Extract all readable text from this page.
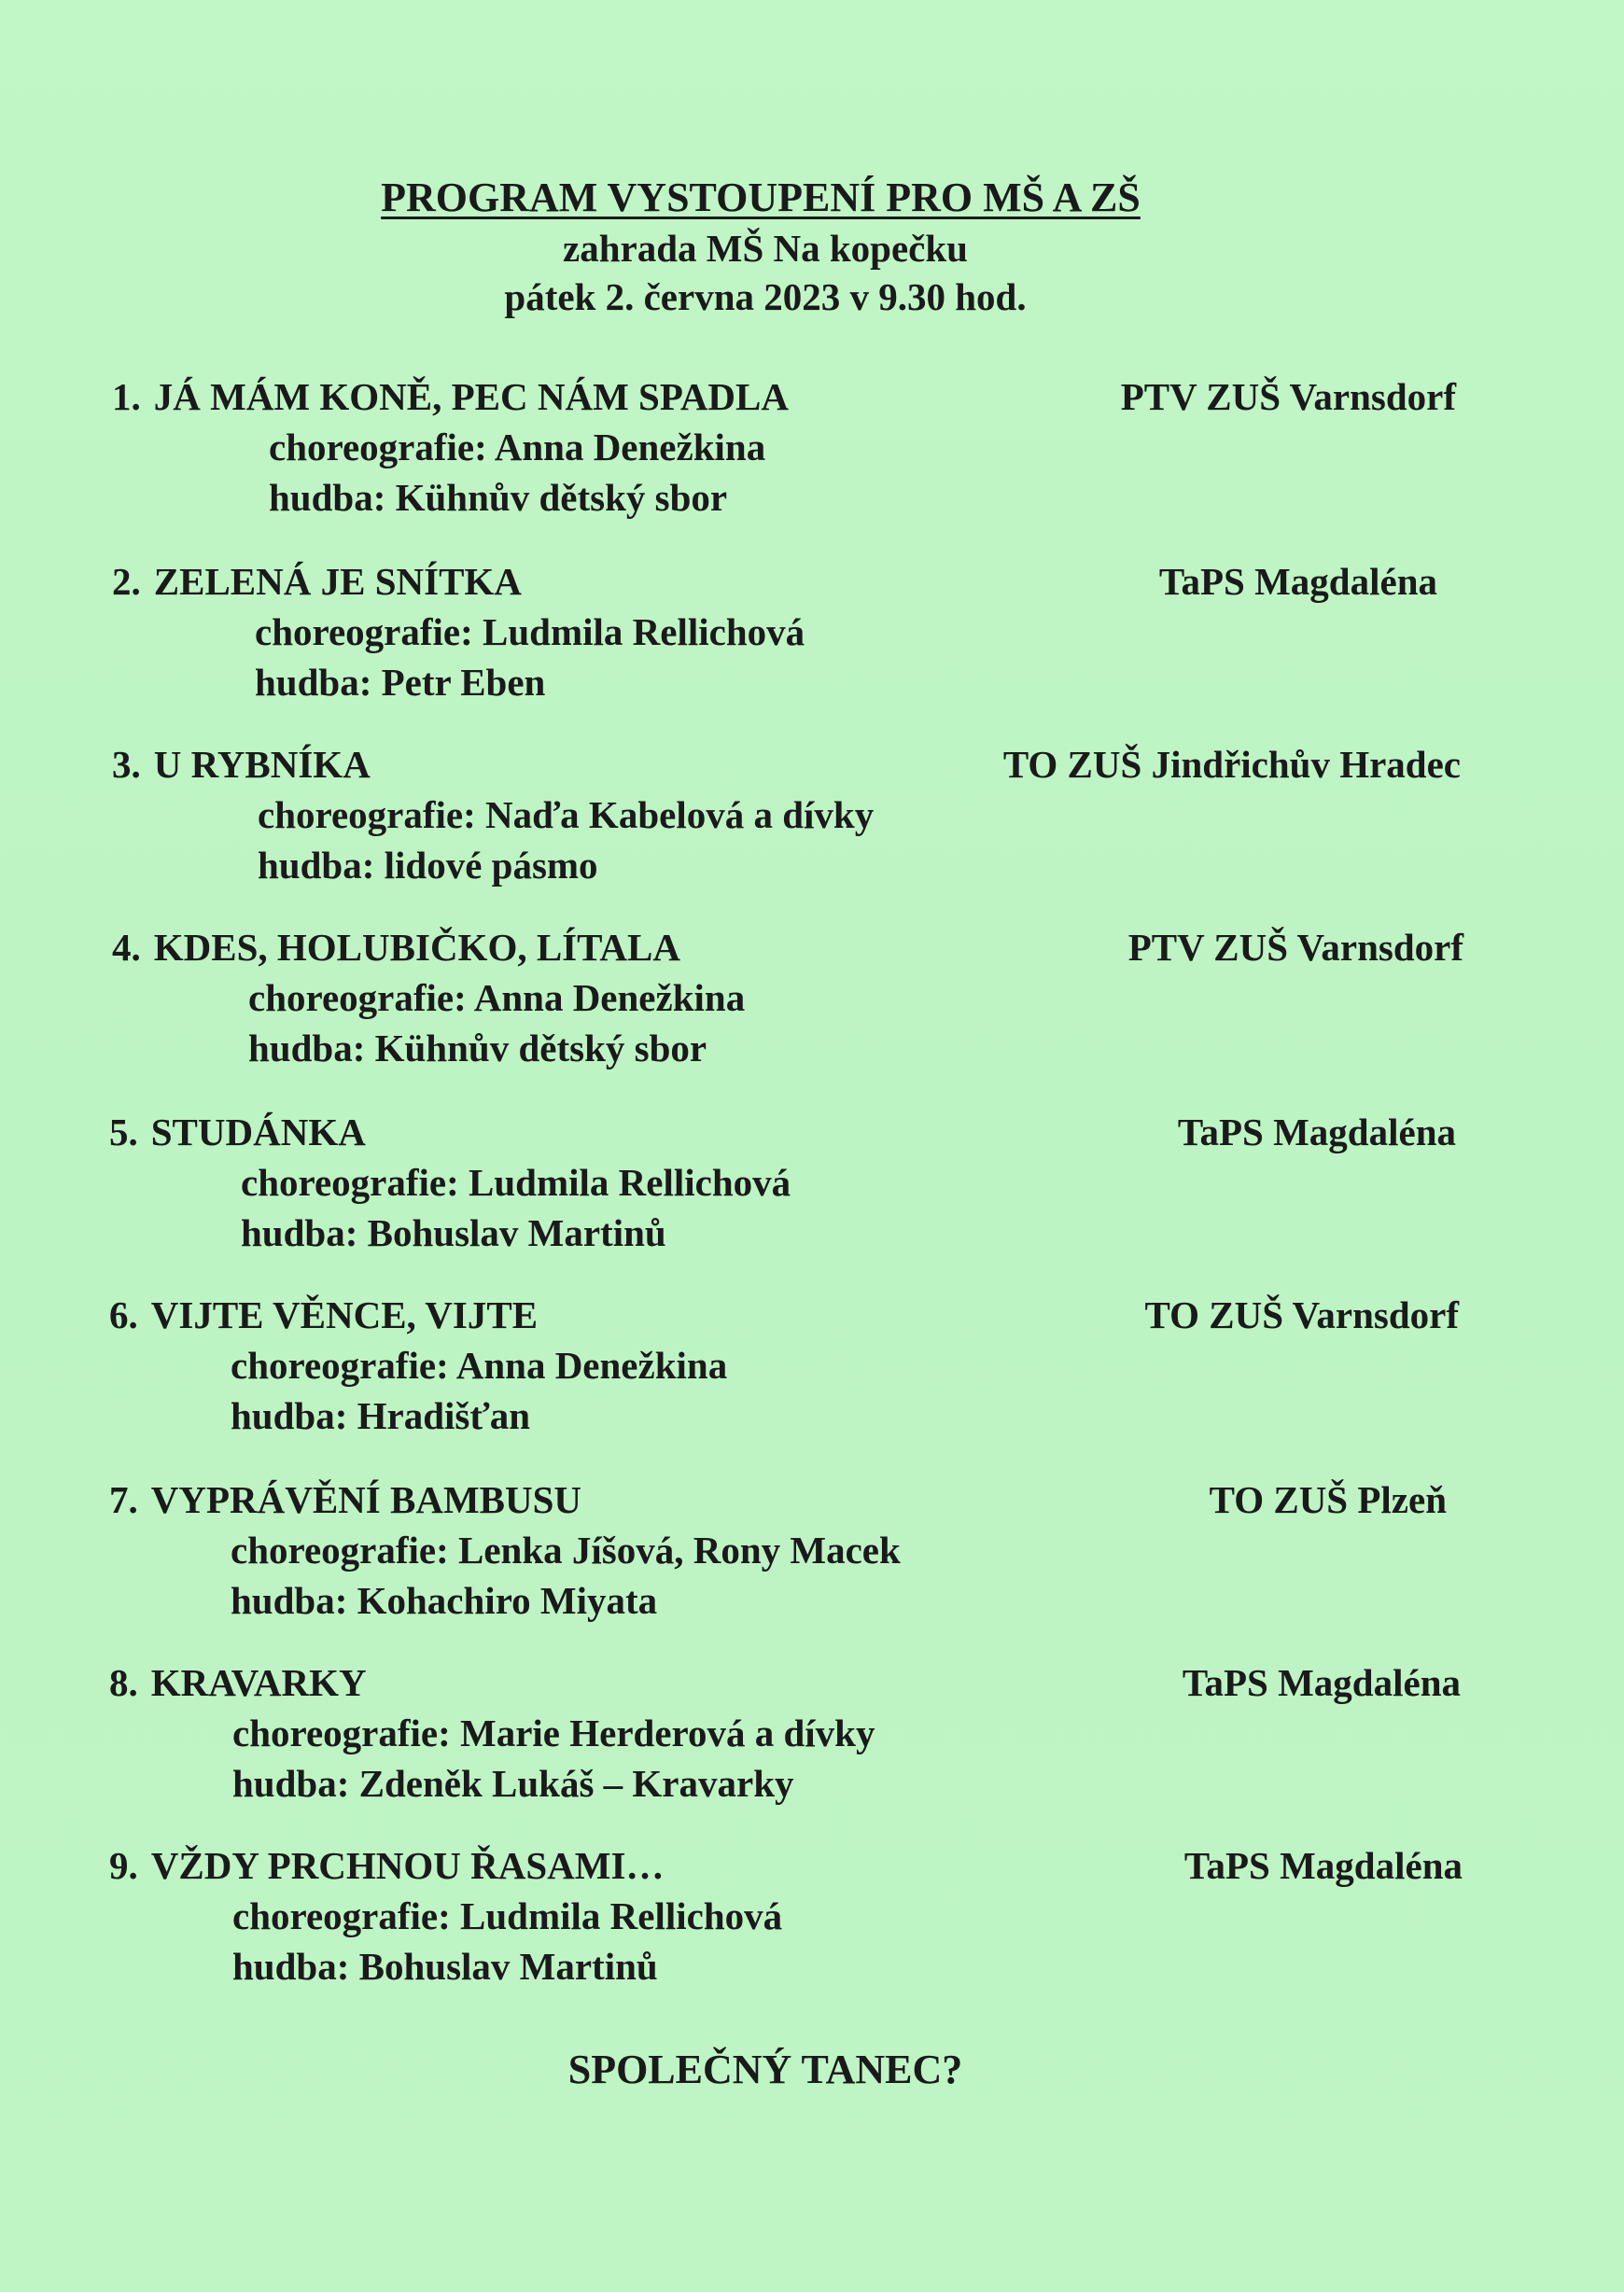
PROGRAM VYSTOUPENÍ PRO MŠ A ZŠ
zahrada MŠ Na kopečku
pátek 2. června 2023 v 9.30 hod.
1. JÁ MÁM KONĚ, PEC NÁM SPADLA	PTV ZUŠ Varnsdorf
choreografie: Anna Denežkina
hudba: Kühnův dětský sbor
2. ZELENÁ JE SNÍTKA	TaPS Magdaléna
choreografie: Ludmila Rellichová
hudba: Petr Eben
3. U RYBNÍKA	TO ZUŠ Jindřichův Hradec
choreografie: Naďa Kabelová a dívky
hudba: lidové pásmo
4. KDES, HOLUBIČKO, LÍTALA	PTV ZUŠ Varnsdorf
choreografie: Anna Denežkina
hudba: Kühnův dětský sbor
5. STUDÁNKA	TaPS Magdaléna
choreografie: Ludmila Rellichová
hudba: Bohuslav Martinů
6. VIJTE VĚNCE, VIJTE	TO ZUŠ Varnsdorf
choreografie: Anna Denežkina
hudba: Hradišťan
7. VYPRÁVĚNÍ BAMBUSU	TO ZUŠ Plzeň
choreografie: Lenka Jíšová, Rony Macek
hudba: Kohachiro Miyata
8. KRAVARKY	TaPS Magdaléna
choreografie: Marie Herderová a dívky
hudba: Zdeněk Lukáš – Kravarky
9. VŽDY PRCHNOU ŘASAMI…	TaPS Magdaléna
choreografie: Ludmila Rellichová
hudba: Bohuslav Martinů
SPOLEČNÝ TANEC?
